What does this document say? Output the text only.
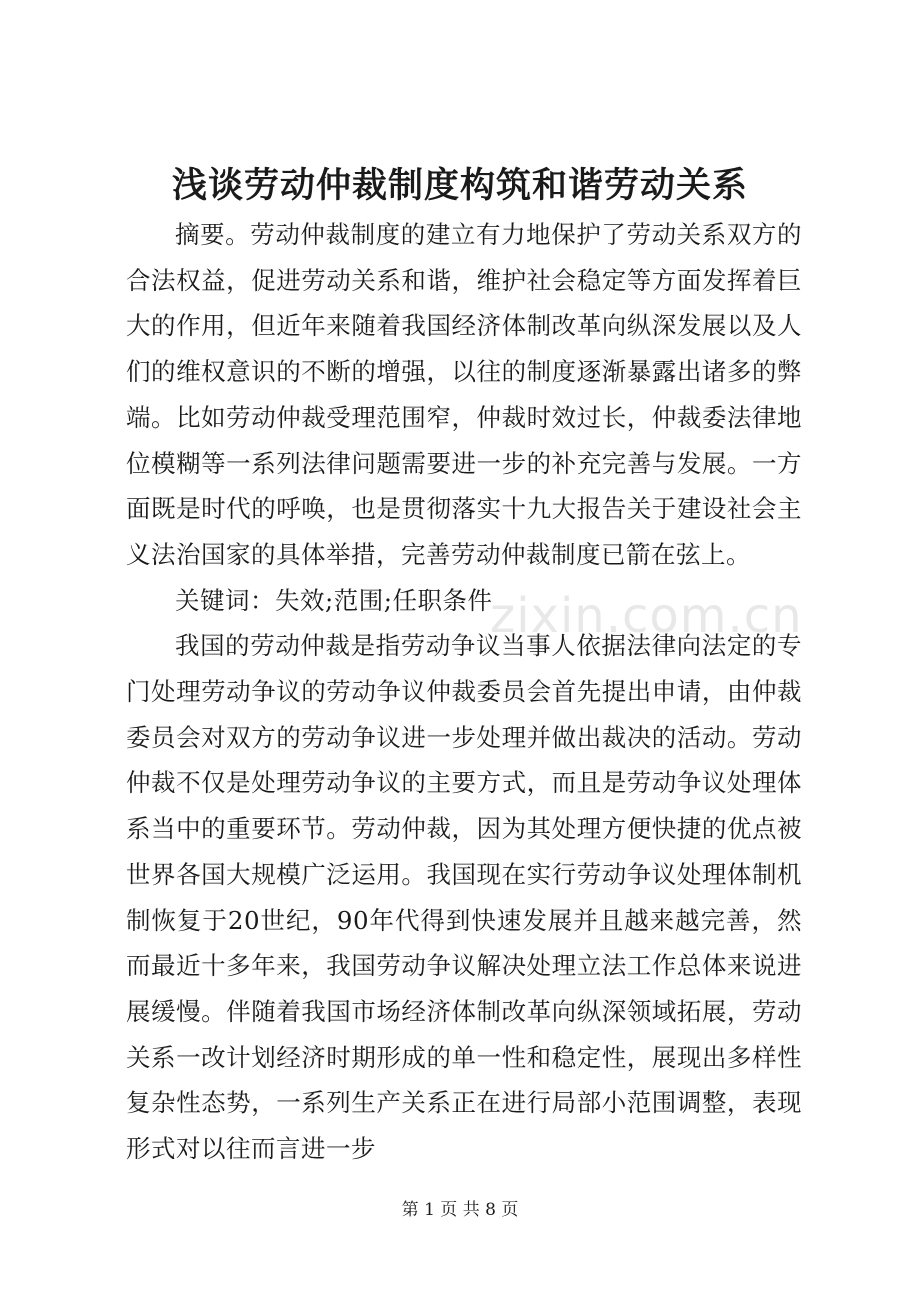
浅谈劳动仲裁制度构筑和谐劳动关系

摘要。劳动仲裁制度的建立有力地保护了劳动关系双方的合法权益，促进劳动关系和谐，维护社会稳定等方面发挥着巨大的作用，但近年来随着我国经济体制改革向纵深发展以及人们的维权意识的不断的增强，以往的制度逐渐暴露出诸多的弊端。比如劳动仲裁受理范围窄，仲裁时效过长，仲裁委法律地位模糊等一系列法律问题需要进一步的补充完善与发展。一方面既是时代的呼唤，也是贯彻落实十九大报告关于建设社会主义法治国家的具体举措，完善劳动仲裁制度已箭在弦上。

关键词：失效;范围;任职条件

我国的劳动仲裁是指劳动争议当事人依据法律向法定的专门处理劳动争议的劳动争议仲裁委员会首先提出申请，由仲裁委员会对双方的劳动争议进一步处理并做出裁决的活动。劳动仲裁不仅是处理劳动争议的主要方式，而且是劳动争议处理体系当中的重要环节。劳动仲裁，因为其处理方便快捷的优点被世界各国大规模广泛运用。我国现在实行劳动争议处理体制机制恢复于20世纪，90年代得到快速发展并且越来越完善，然而最近十多年来，我国劳动争议解决处理立法工作总体来说进展缓慢。伴随着我国市场经济体制改革向纵深领域拓展，劳动关系一改计划经济时期形成的单一性和稳定性，展现出多样性复杂性态势，一系列生产关系正在进行局部小范围调整，表现形式对以往而言进一步

zixin.com.cn
第 1 页 共 8 页
